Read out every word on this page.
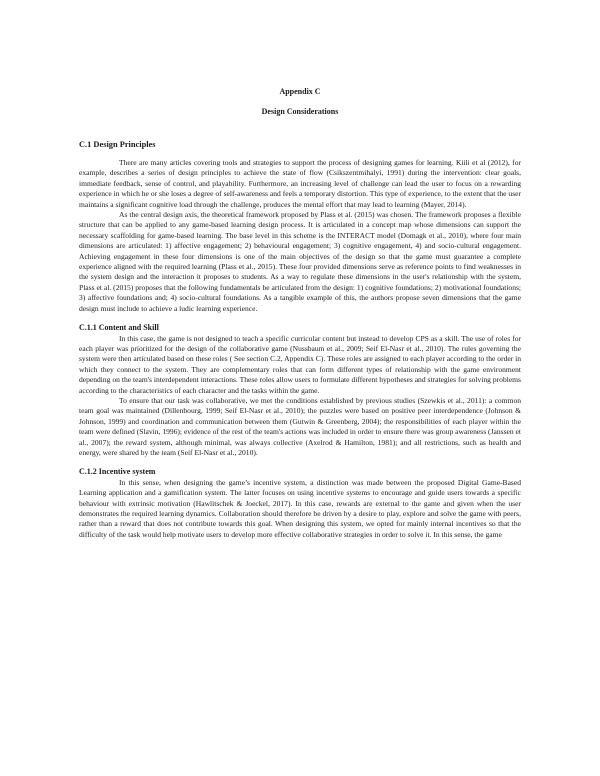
Appendix C
Design Considerations
C.1 Design Principles

There are many articles covering tools and strategies to support the process of designing games for learning. Kiili et al (2012), for example, describes a series of design principles to achieve the state of flow (Csikszentmihalyi, 1991) during the intervention: clear goals, immediate feedback, sense of control, and playability. Furthermore, an increasing level of challenge can lead the user to focus on a rewarding experience in which he or she loses a degree of self-awareness and feels a temporary distortion. This type of experience, to the extent that the user maintains a significant cognitive load through the challenge, produces the mental effort that may lead to learning (Mayer, 2014).

As the central design axis, the theoretical framework proposed by Plass et al. (2015) was chosen. The framework proposes a flexible structure that can be applied to any game-based learning design process. It is articulated in a concept map whose dimensions can support the necessary scaffolding for game-based learning. The base level in this scheme is the INTERACT model (Domagk et al., 2010), where four main dimensions are articulated: 1) affective engagement; 2) behavioural engagement; 3) cognitive engagement, 4) and socio-cultural engagement. Achieving engagement in these four dimensions is one of the main objectives of the design so that the game must guarantee a complete experience aligned with the required learning (Plass et al., 2015). These four provided dimensions serve as reference points to find weaknesses in the system design and the interaction it proposes to students. As a way to regulate these dimensions in the user's relationship with the system, Plass et al. (2015) proposes that the following fundamentals be articulated from the design: 1) cognitive foundations; 2) motivational foundations; 3) affective foundations and; 4) socio-cultural foundations. As a tangible example of this, the authors propose seven dimensions that the game design must include to achieve a ludic learning experience.

C.1.1 Content and Skill

In this case, the game is not designed to teach a specific curricular content but instead to develop CPS as a skill. The use of roles for each player was prioritized for the design of the collaborative game (Nussbaum et al., 2009; Seif El-Nasr et al., 2010). The rules governing the system were then articulated based on these roles ( See section C.2, Appendix C). These roles are assigned to each player according to the order in which they connect to the system. They are complementary roles that can form different types of relationship with the game environment depending on the team's interdependent interactions. These roles allow users to formulate different hypotheses and strategies for solving problems according to the characteristics of each character and the tasks within the game.

To ensure that our task was collaborative, we met the conditions established by previous studies (Szewkis et al., 2011): a common team goal was maintained (Dillenbourg, 1999; Seif El-Nasr et al., 2010); the puzzles were based on positive peer interdependence (Johnson & Johnson, 1999) and coordination and communication between them (Gutwin & Greenberg, 2004); the responsibilities of each player within the team were defined (Slavin, 1996); evidence of the rest of the team's actions was included in order to ensure there was group awareness (Janssen et al., 2007); the reward system, although minimal, was always collective (Axelrod & Hamilton, 1981); and all restrictions, such as health and energy, were shared by the team (Seif El-Nasr et al., 2010).

C.1.2 Incentive system

In this sense, when designing the game’s incentive system, a distinction was made between the proposed Digital Game-Based Learning application and a gamification system. The latter focuses on using incentive systems to encourage and guide users towards a specific behaviour with extrinsic motivation (Hawlitschek & Joeckel, 2017). In this case, rewards are external to the game and given when the user demonstrates the required learning dynamics. Collaboration should therefore be driven by a desire to play, explore and solve the game with peers, rather than a reward that does not contribute towards this goal. When designing this system, we opted for mainly internal incentives so that the difficulty of the task would help motivate users to develop more effective collaborative strategies in order to solve it. In this sense, the game
